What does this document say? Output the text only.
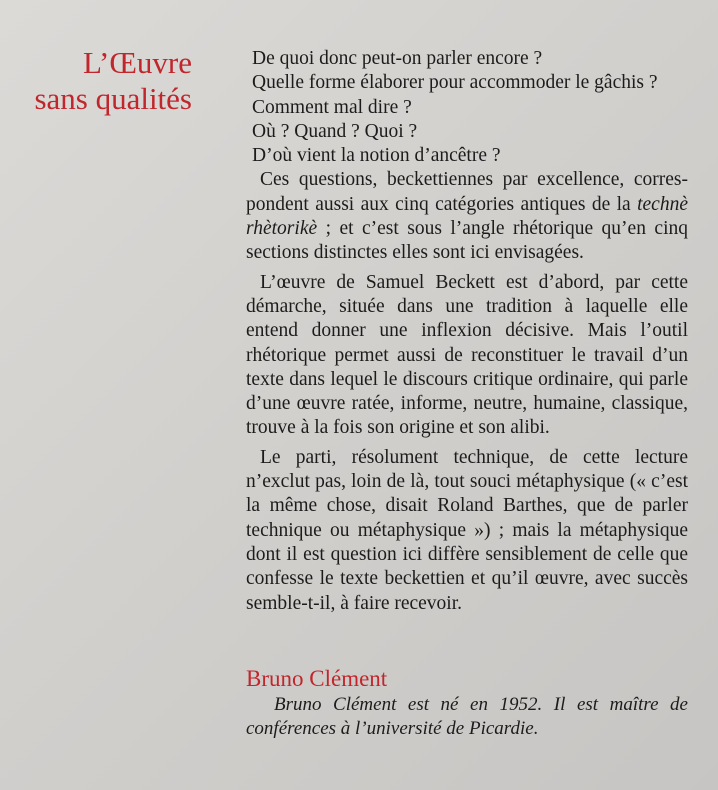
L’Œuvre
sans qualités

De quoi donc peut-on parler encore ?

Quelle forme élaborer pour accommoder le gâchis ?

Comment mal dire ?

Où ? Quand ? Quoi ?

D’où vient la notion d’ancêtre ?

Ces questions, beckettiennes par excellence, correspondent aussi aux cinq catégories antiques de la technè rhètorikè ; et c’est sous l’angle rhétorique qu’en cinq sections distinctes elles sont ici envisagées.

L’œuvre de Samuel Beckett est d’abord, par cette démarche, située dans une tradition à laquelle elle entend donner une inflexion décisive. Mais l’outil rhétorique permet aussi de reconstituer le travail d’un texte dans lequel le discours critique ordinaire, qui parle d’une œuvre ratée, informe, neutre, humaine, classique, trouve à la fois son origine et son alibi.

Le parti, résolument technique, de cette lecture n’exclut pas, loin de là, tout souci métaphysique (« c’est la même chose, disait Roland Barthes, que de parler technique ou métaphysique ») ; mais la métaphysique dont il est question ici diffère sensiblement de celle que confesse le texte beckettien et qu’il œuvre, avec succès semble-t-il, à faire recevoir.

Bruno Clément

Bruno Clément est né en 1952. Il est maître de conférences à l’université de Picardie.
